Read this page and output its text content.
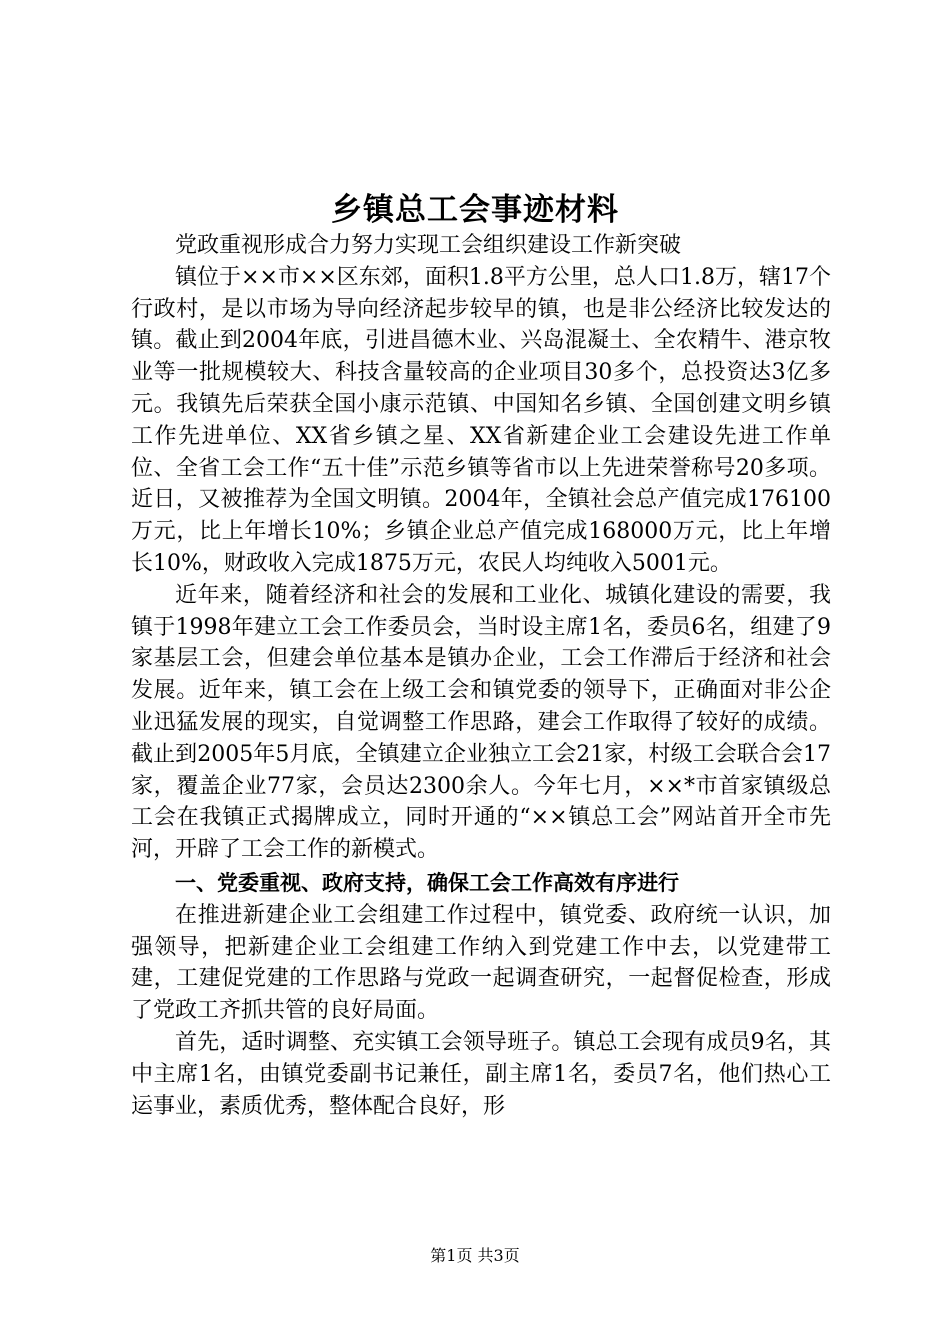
乡镇总工会事迹材料

党政重视形成合力努力实现工会组织建设工作新突破

镇位于××市××区东郊，面积1.8平方公里，总人口1.8万，辖17个行政村，是以市场为导向经济起步较早的镇，也是非公经济比较发达的镇。截止到2004年底，引进昌德木业、兴岛混凝土、全农精牛、港京牧业等一批规模较大、科技含量较高的企业项目30多个，总投资达3亿多元。我镇先后荣获全国小康示范镇、中国知名乡镇、全国创建文明乡镇工作先进单位、XX省乡镇之星、XX省新建企业工会建设先进工作单位、全省工会工作“五十佳”示范乡镇等省市以上先进荣誉称号20多项。近日，又被推荐为全国文明镇。2004年，全镇社会总产值完成176100万元，比上年增长10%；乡镇企业总产值完成168000万元，比上年增长10%，财政收入完成1875万元，农民人均纯收入5001元。

近年来，随着经济和社会的发展和工业化、城镇化建设的需要，我镇于1998年建立工会工作委员会，当时设主席1名，委员6名，组建了9家基层工会，但建会单位基本是镇办企业，工会工作滞后于经济和社会发展。近年来，镇工会在上级工会和镇党委的领导下，正确面对非公企业迅猛发展的现实，自觉调整工作思路，建会工作取得了较好的成绩。截止到2005年5月底，全镇建立企业独立工会21家，村级工会联合会17家，覆盖企业77家，会员达2300余人。今年七月，××*市首家镇级总工会在我镇正式揭牌成立，同时开通的“××镇总工会”网站首开全市先河，开辟了工会工作的新模式。

一、党委重视、政府支持，确保工会工作高效有序进行

在推进新建企业工会组建工作过程中，镇党委、政府统一认识，加强领导，把新建企业工会组建工作纳入到党建工作中去，以党建带工建，工建促党建的工作思路与党政一起调查研究，一起督促检查，形成了党政工齐抓共管的良好局面。

首先，适时调整、充实镇工会领导班子。镇总工会现有成员9名，其中主席1名，由镇党委副书记兼任，副主席1名，委员7名，他们热心工运事业，素质优秀，整体配合良好，形

第1页 共3页
